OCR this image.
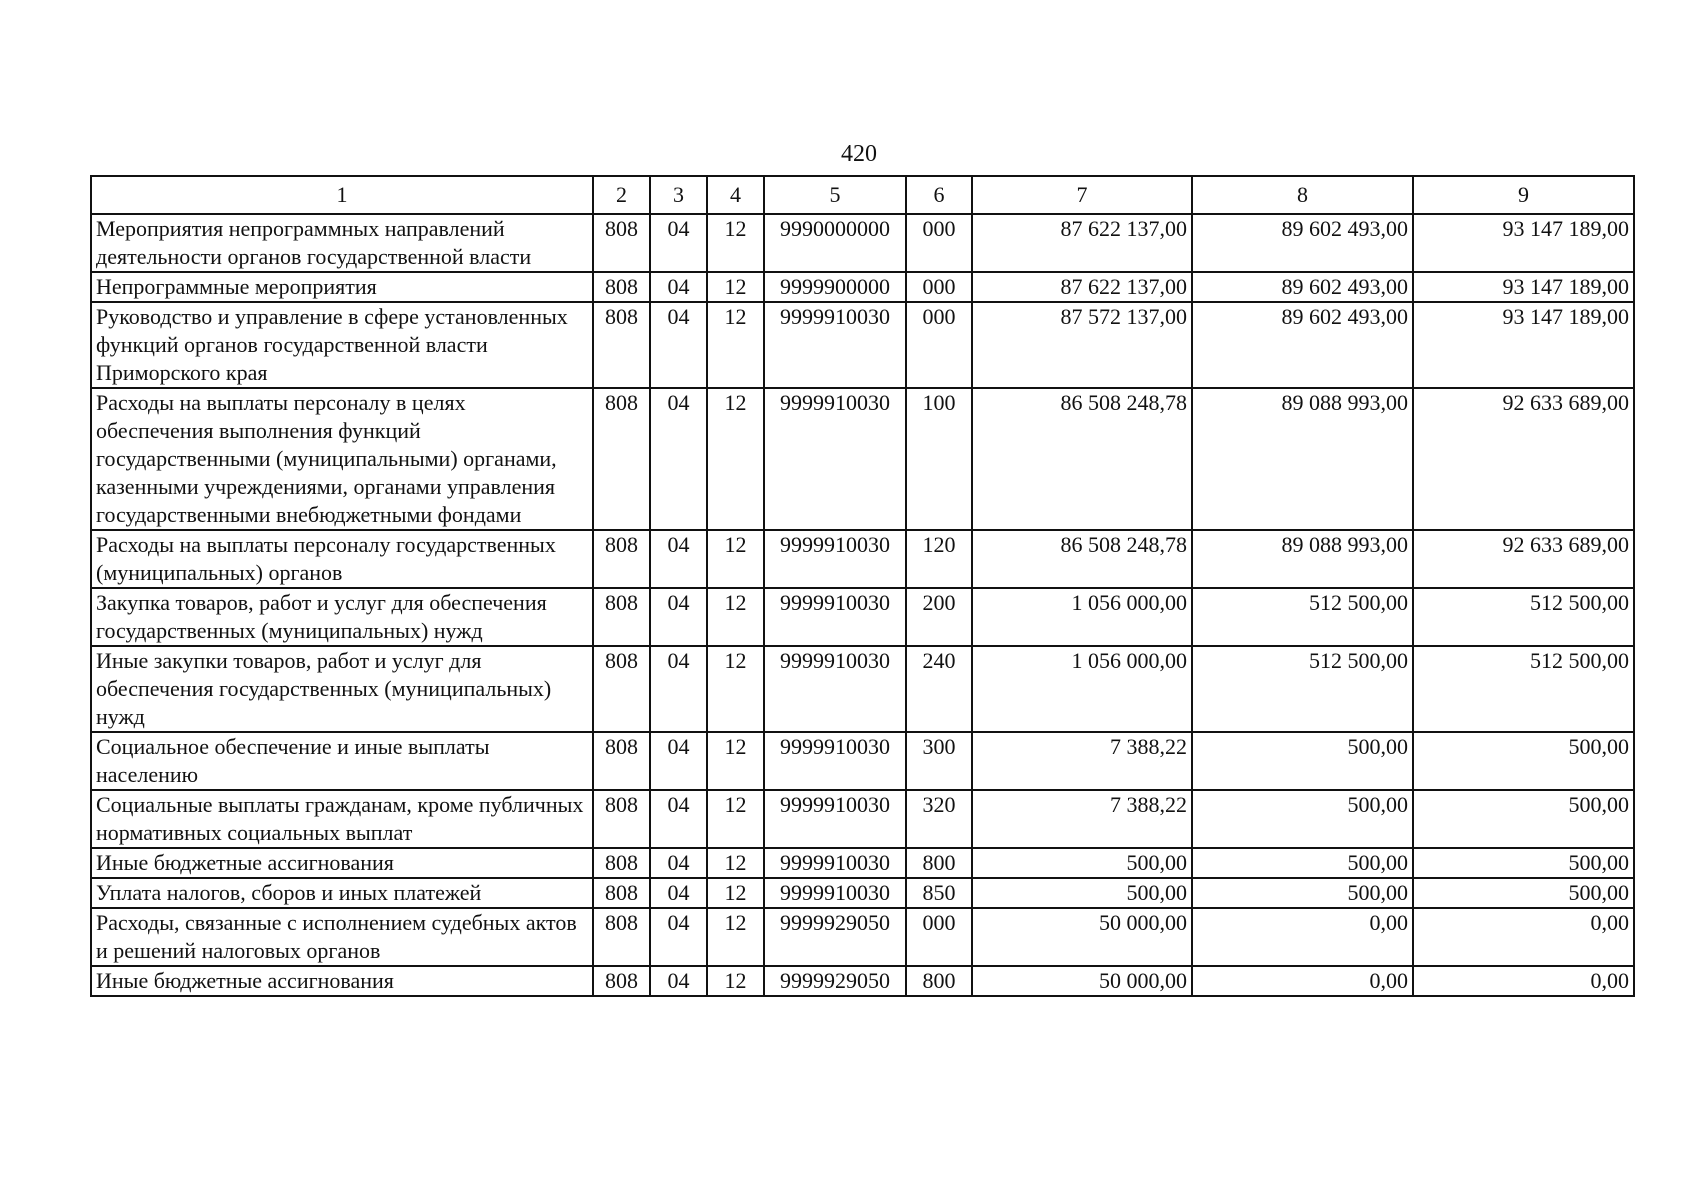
420
1	2	3	4	5	6	7	8	9
Мероприятия непрограммных направлений деятельности органов государственной власти	808	04	12	9990000000	000	87 622 137,00	89 602 493,00	93 147 189,00
Непрограммные мероприятия	808	04	12	9999900000	000	87 622 137,00	89 602 493,00	93 147 189,00
Руководство и управление в сфере установленных функций органов государственной власти Приморского края	808	04	12	9999910030	000	87 572 137,00	89 602 493,00	93 147 189,00
Расходы на выплаты персоналу в целях обеспечения выполнения функций государственными (муниципальными) органами, казенными учреждениями, органами управления государственными внебюджетными фондами	808	04	12	9999910030	100	86 508 248,78	89 088 993,00	92 633 689,00
Расходы на выплаты персоналу государственных (муниципальных) органов	808	04	12	9999910030	120	86 508 248,78	89 088 993,00	92 633 689,00
Закупка товаров, работ и услуг для обеспечения государственных (муниципальных) нужд	808	04	12	9999910030	200	1 056 000,00	512 500,00	512 500,00
Иные закупки товаров, работ и услуг для обеспечения государственных (муниципальных) нужд	808	04	12	9999910030	240	1 056 000,00	512 500,00	512 500,00
Социальное обеспечение и иные выплаты населению	808	04	12	9999910030	300	7 388,22	500,00	500,00
Социальные выплаты гражданам, кроме публичных нормативных социальных выплат	808	04	12	9999910030	320	7 388,22	500,00	500,00
Иные бюджетные ассигнования	808	04	12	9999910030	800	500,00	500,00	500,00
Уплата налогов, сборов и иных платежей	808	04	12	9999910030	850	500,00	500,00	500,00
Расходы, связанные с исполнением судебных актов и решений налоговых органов	808	04	12	9999929050	000	50 000,00	0,00	0,00
Иные бюджетные ассигнования	808	04	12	9999929050	800	50 000,00	0,00	0,00
